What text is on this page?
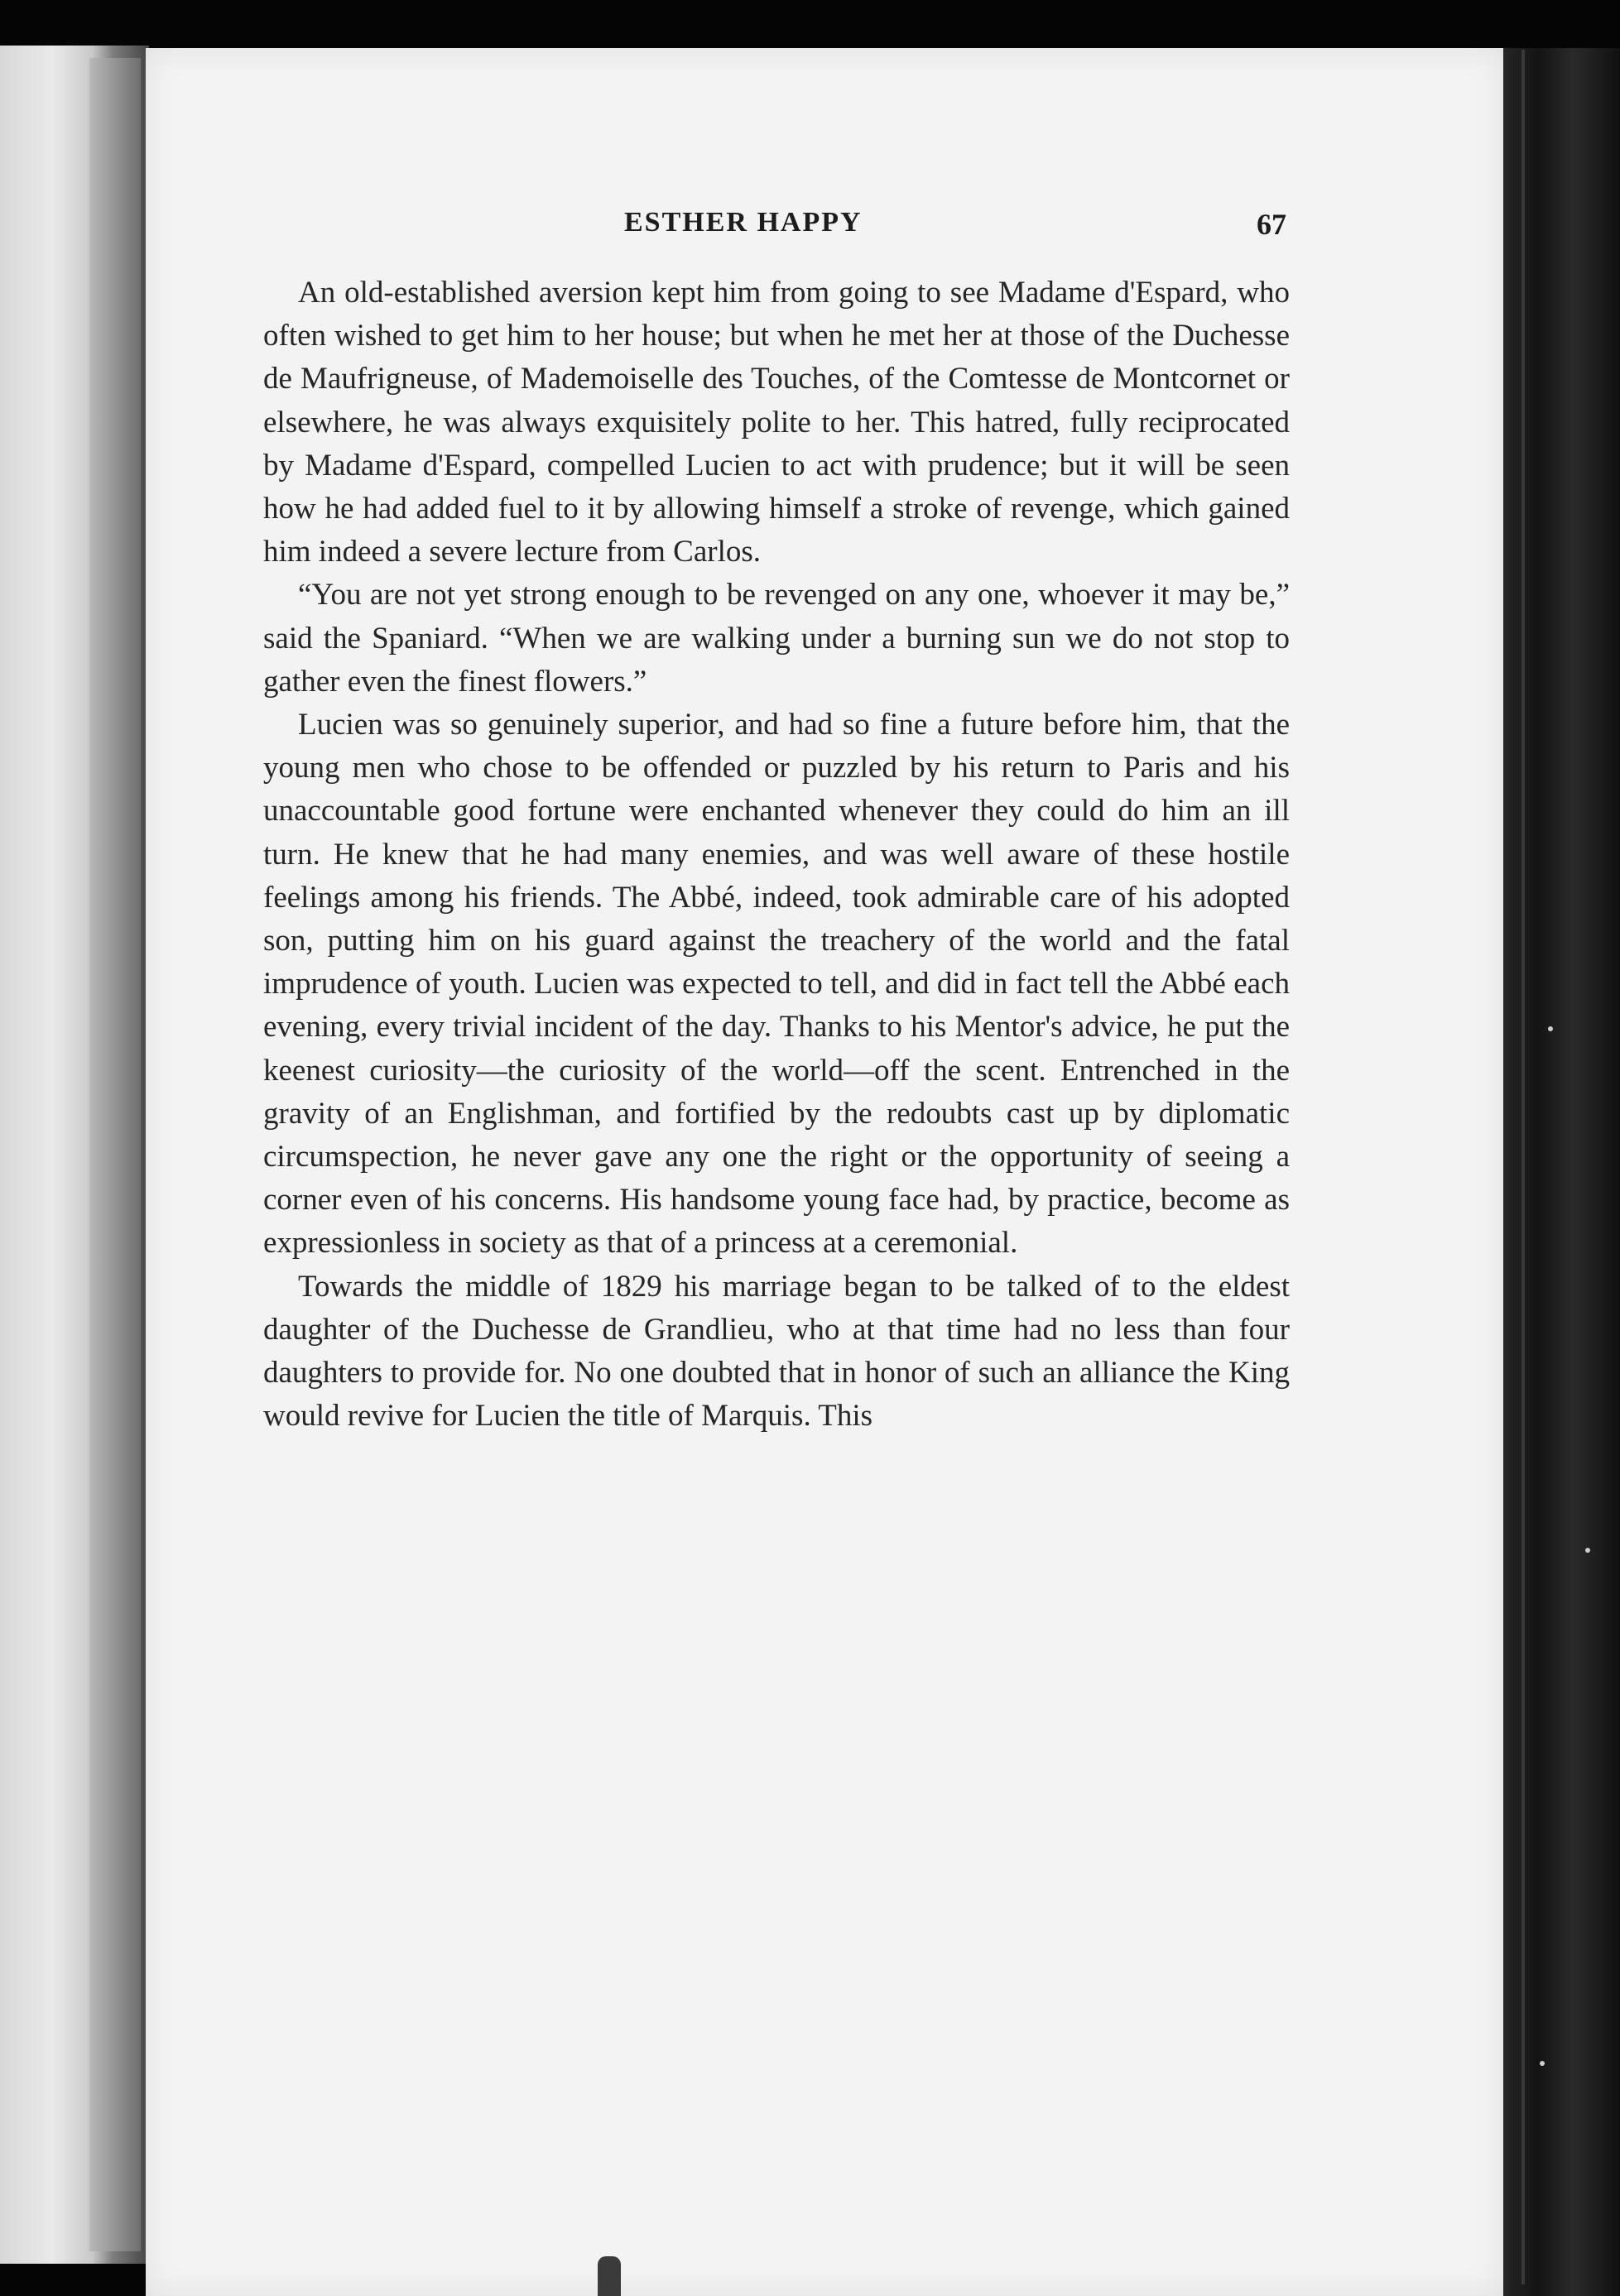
ESTHER HAPPY	67

An old-established aversion kept him from going to see Madame d'Espard, who often wished to get him to her house; but when he met her at those of the Duchesse de Maufrigneuse, of Mademoiselle des Touches, of the Comtesse de Montcornet or elsewhere, he was always exquisitely polite to her. This hatred, fully reciprocated by Madame d'Espard, compelled Lucien to act with prudence; but it will be seen how he had added fuel to it by allowing himself a stroke of revenge, which gained him indeed a severe lecture from Carlos.

“You are not yet strong enough to be revenged on any one, whoever it may be,” said the Spaniard. “When we are walking under a burning sun we do not stop to gather even the finest flowers.”

Lucien was so genuinely superior, and had so fine a future before him, that the young men who chose to be offended or puzzled by his return to Paris and his unaccountable good fortune were enchanted whenever they could do him an ill turn. He knew that he had many enemies, and was well aware of these hostile feelings among his friends. The Abbé, indeed, took admirable care of his adopted son, putting him on his guard against the treachery of the world and the fatal imprudence of youth. Lucien was expected to tell, and did in fact tell the Abbé each evening, every trivial incident of the day. Thanks to his Mentor's advice, he put the keenest curiosity—the curiosity of the world—off the scent. Entrenched in the gravity of an Englishman, and fortified by the redoubts cast up by diplomatic circumspection, he never gave any one the right or the opportunity of seeing a corner even of his concerns. His handsome young face had, by practice, become as expressionless in society as that of a princess at a ceremonial.

Towards the middle of 1829 his marriage began to be talked of to the eldest daughter of the Duchesse de Grandlieu, who at that time had no less than four daughters to provide for. No one doubted that in honor of such an alliance the King would revive for Lucien the title of Marquis. This
